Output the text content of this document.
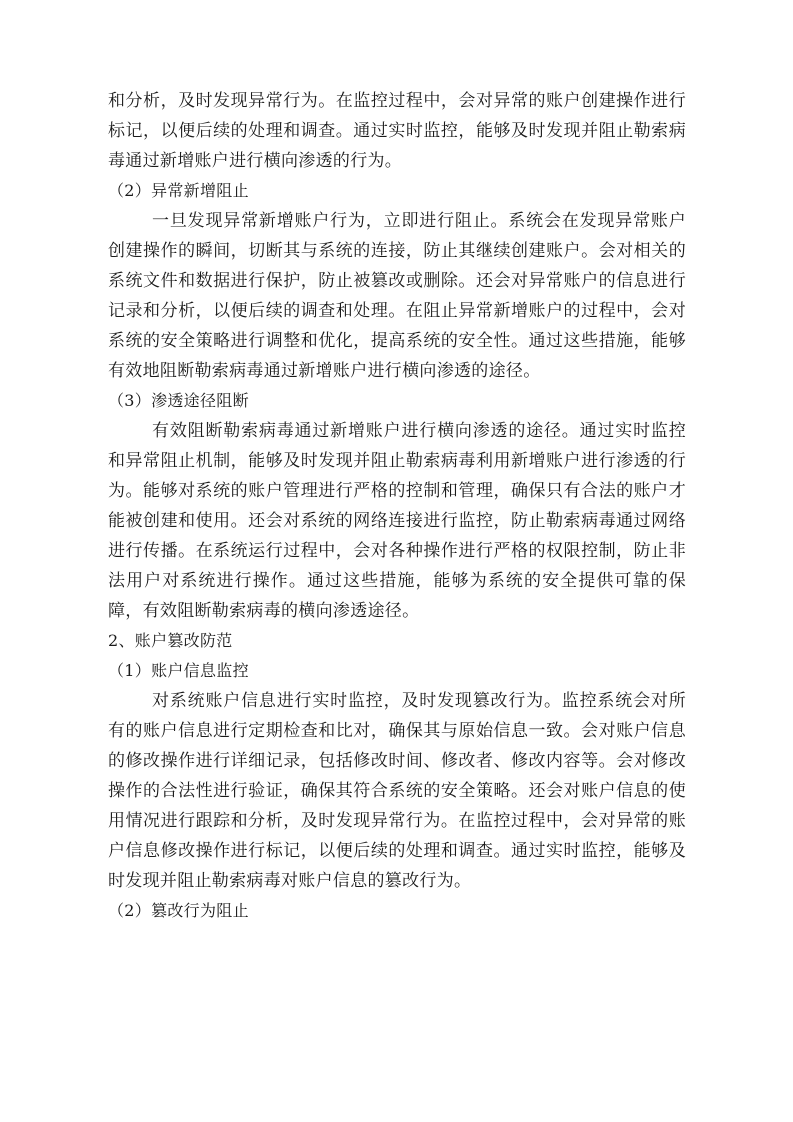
和分析，及时发现异常行为。在监控过程中，会对异常的账户创建操作进行标记，以便后续的处理和调查。通过实时监控，能够及时发现并阻止勒索病毒通过新增账户进行横向渗透的行为。

（2）异常新增阻止

一旦发现异常新增账户行为，立即进行阻止。系统会在发现异常账户创建操作的瞬间，切断其与系统的连接，防止其继续创建账户。会对相关的系统文件和数据进行保护，防止被篡改或删除。还会对异常账户的信息进行记录和分析，以便后续的调查和处理。在阻止异常新增账户的过程中，会对系统的安全策略进行调整和优化，提高系统的安全性。通过这些措施，能够有效地阻断勒索病毒通过新增账户进行横向渗透的途径。

（3）渗透途径阻断

有效阻断勒索病毒通过新增账户进行横向渗透的途径。通过实时监控和异常阻止机制，能够及时发现并阻止勒索病毒利用新增账户进行渗透的行为。能够对系统的账户管理进行严格的控制和管理，确保只有合法的账户才能被创建和使用。还会对系统的网络连接进行监控，防止勒索病毒通过网络进行传播。在系统运行过程中，会对各种操作进行严格的权限控制，防止非法用户对系统进行操作。通过这些措施，能够为系统的安全提供可靠的保障，有效阻断勒索病毒的横向渗透途径。

2、账户篡改防范

（1）账户信息监控

对系统账户信息进行实时监控，及时发现篡改行为。监控系统会对所有的账户信息进行定期检查和比对，确保其与原始信息一致。会对账户信息的修改操作进行详细记录，包括修改时间、修改者、修改内容等。会对修改操作的合法性进行验证，确保其符合系统的安全策略。还会对账户信息的使用情况进行跟踪和分析，及时发现异常行为。在监控过程中，会对异常的账户信息修改操作进行标记，以便后续的处理和调查。通过实时监控，能够及时发现并阻止勒索病毒对账户信息的篡改行为。

（2）篡改行为阻止
